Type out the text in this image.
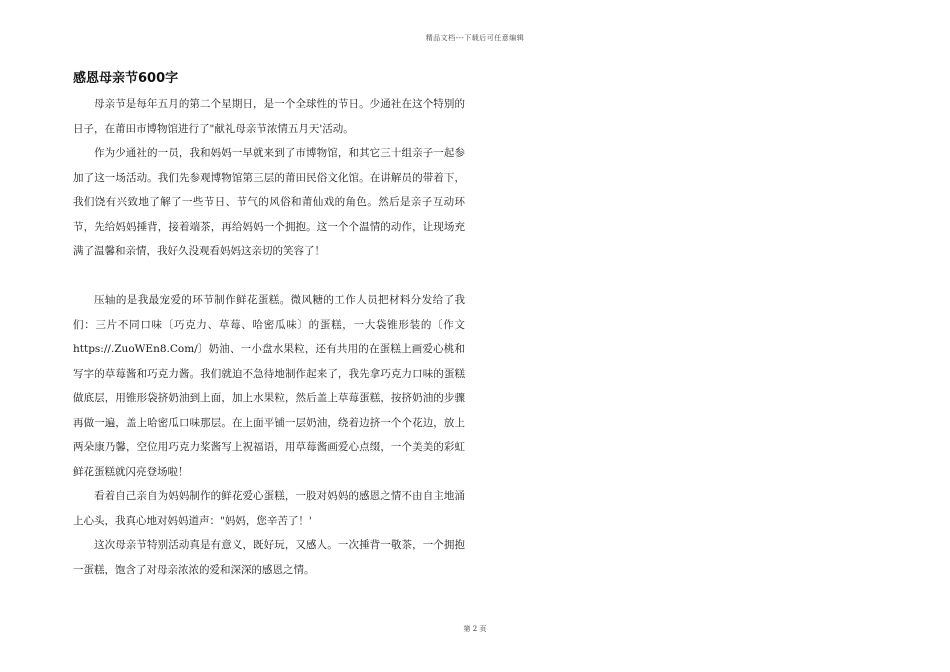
精品文档---下载后可任意编辑
感恩母亲节600字

母亲节是每年五月的第二个星期日，是一个全球性的节日。少通社在这个特别的日子，在莆田市博物馆进行了"献礼母亲节浓情五月天'活动。

作为少通社的一员，我和妈妈一早就来到了市博物馆，和其它三十组亲子一起参加了这一场活动。我们先参观博物馆第三层的莆田民俗文化馆。在讲解员的带着下，我们饶有兴致地了解了一些节日、节气的风俗和莆仙戏的角色。然后是亲子互动环节，先给妈妈捶背，接着端茶，再给妈妈一个拥抱。这一个个温情的动作，让现场充满了温馨和亲情，我好久没观看妈妈这亲切的笑容了！

压轴的是我最宠爱的环节制作鲜花蛋糕。微风糖的工作人员把材料分发给了我们：三片不同口味〔巧克力、草莓、哈密瓜味〕的蛋糕，一大袋锥形装的〔作文https://.ZuoWEn8.Com/〕奶油、一小盘水果粒，还有共用的在蛋糕上画爱心桃和写字的草莓酱和巧克力酱。我们就迫不急待地制作起来了，我先拿巧克力口味的蛋糕做底层，用锥形袋挤奶油到上面，加上水果粒，然后盖上草莓蛋糕，按挤奶油的步骤再做一遍，盖上哈密瓜口味那层。在上面平铺一层奶油，绕着边挤一个个花边，放上两朵康乃馨，空位用巧克力桨酱写上祝福语，用草莓酱画爱心点缀，一个美美的彩虹鲜花蛋糕就闪亮登场啦！

看着自己亲自为妈妈制作的鲜花爱心蛋糕，一股对妈妈的感恩之情不由自主地涌上心头，我真心地对妈妈道声："妈妈，您辛苦了！'

这次母亲节特别活动真是有意义，既好玩，又感人。一次捶背一敬茶，一个拥抱一蛋糕，饱含了对母亲浓浓的爱和深深的感恩之情。

第 2 页
